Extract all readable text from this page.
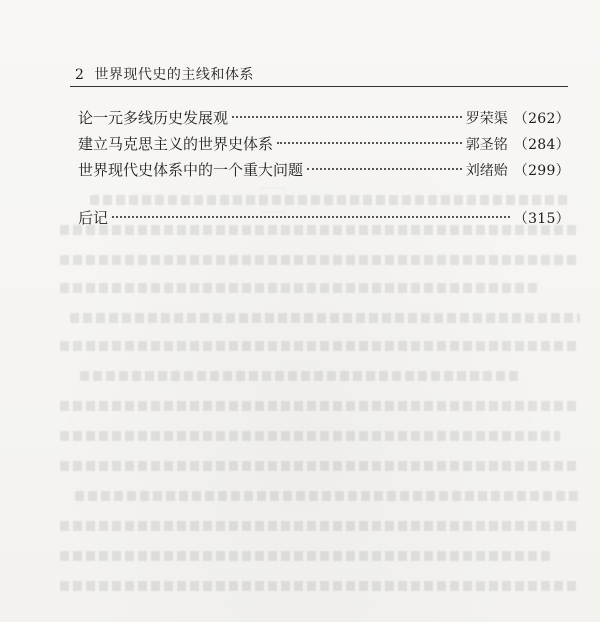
2 世界现代史的主线和体系
论一元多线历史发展观	罗荣渠 （262）
建立马克思主义的世界史体系	郭圣铭 （284）
世界现代史体系中的一个重大问题	刘绪贻 （299）
后记	（315）
